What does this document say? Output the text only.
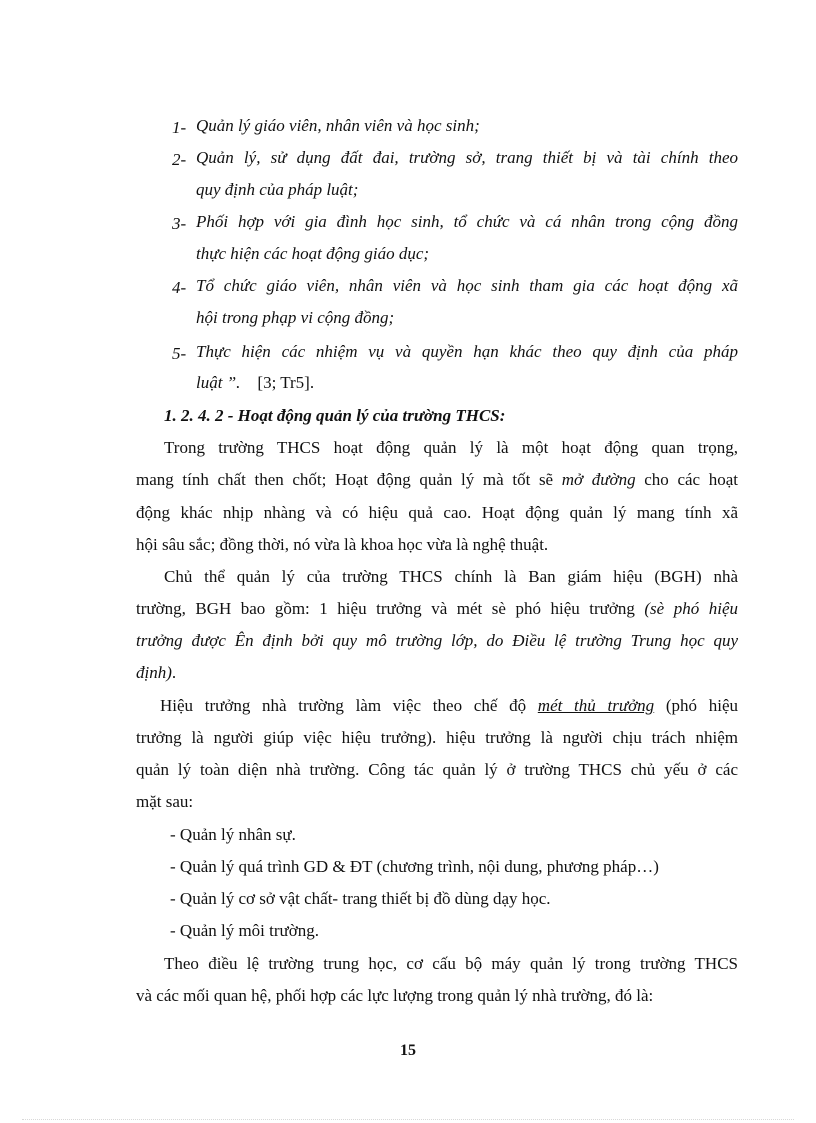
1- Quản lý giáo viên, nhân viên và học sinh;
2- Quản lý, sử dụng đất đai, trường sở, trang thiết bị và tài chính theo
quy định của pháp luật;
3- Phối hợp với gia đình học sinh, tổ chức và cá nhân trong cộng đồng
thực hiện các hoạt động giáo dục;
4- Tổ chức giáo viên, nhân viên và học sinh tham gia các hoạt động xã
hội trong phạp vi cộng đồng;
5- Thực hiện các nhiệm vụ và quyền hạn khác theo quy định của pháp
luật ”. [3; Tr5].
1. 2. 4. 2 - Hoạt động quản lý của trường THCS:
Trong trường THCS hoạt động quản lý là một hoạt động quan trọng,
mang tính chất then chốt; Hoạt động quản lý mà tốt sẽ mở đường cho các hoạt
động khác nhịp nhàng và có hiệu quả cao. Hoạt động quản lý mang tính xã
hội sâu sắc; đồng thời, nó vừa là khoa học vừa là nghệ thuật.
Chủ thể quản lý của trường THCS chính là Ban giám hiệu (BGH) nhà
trường, BGH bao gồm: 1 hiệu trưởng và mét sè phó hiệu trưởng (sè phó hiệu
trưởng được Ên định bởi quy mô trường lớp, do Điều lệ trường Trung học quy
định).
Hiệu trưởng nhà trường làm việc theo chế độ mét thủ trưởng (phó hiệu
trưởng là người giúp việc hiệu trưởng). hiệu trưởng là người chịu trách nhiệm
quản lý toàn diện nhà trường. Công tác quản lý ở trường THCS chủ yếu ở các
mặt sau:
- Quản lý nhân sự.
- Quản lý quá trình GD & ĐT (chương trình, nội dung, phương pháp…)
- Quản lý cơ sở vật chất- trang thiết bị đồ dùng dạy học.
- Quản lý môi trường.
Theo điều lệ trường trung học, cơ cấu bộ máy quản lý trong trường THCS
và các mối quan hệ, phối hợp các lực lượng trong quản lý nhà trường, đó là:
15
